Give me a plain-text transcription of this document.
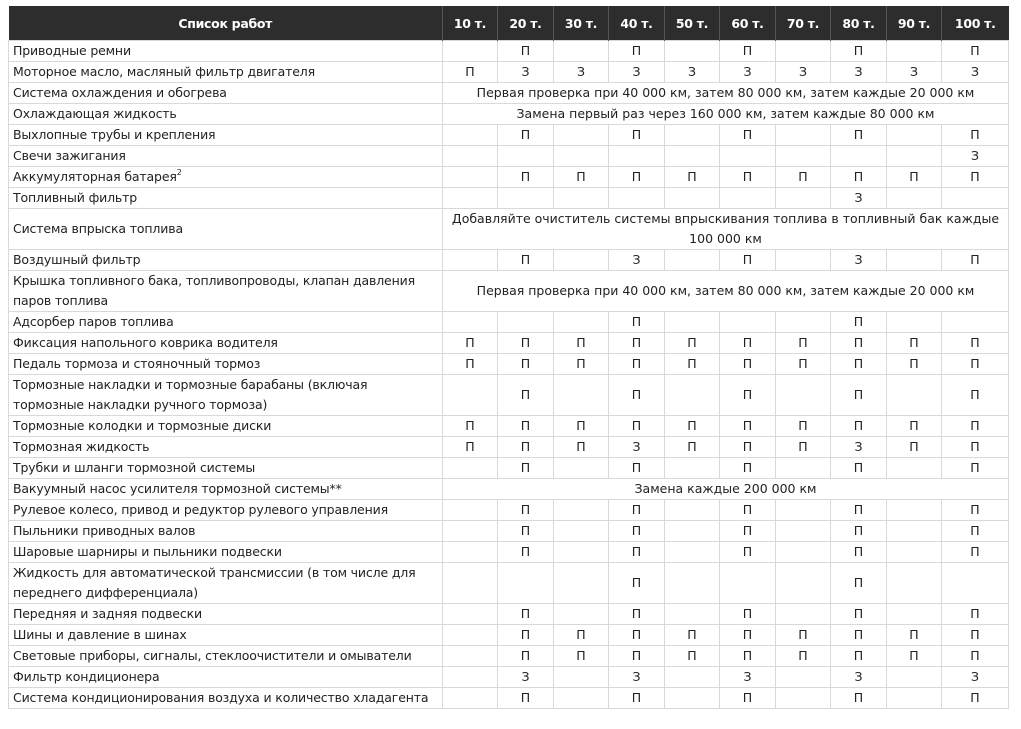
Список работ	10 т.	20 т.	30 т.	40 т.	50 т.	60 т.	70 т.	80 т.	90 т.	100 т.
Приводные ремни		П		П		П		П		П
Моторное масло, масляный фильтр двигателя	П	З	З	З	З	З	З	З	З	З
Система охлаждения и обогрева	Первая проверка при 40 000 км, затем 80 000 км, затем каждые 20 000 км									
Охлаждающая жидкость	Замена первый раз через 160 000 км, затем каждые 80 000 км									
Выхлопные трубы и крепления		П		П		П		П		П
Свечи зажигания										З
Аккумуляторная батарея$^2$		П	П	П	П	П	П	П	П	П
Топливный фильтр								З		
Система впрыска топлива	Добавляйте очиститель системы впрыскивания топлива в топливный бак каждые 100 000 км									
Воздушный фильтр		П		З		П		З		П
Крышка топливного бака, топливопроводы, клапан давления паров топлива	Первая проверка при 40 000 км, затем 80 000 км, затем каждые 20 000 км									
Адсорбер паров топлива				П				П		
Фиксация напольного коврика водителя	П	П	П	П	П	П	П	П	П	П
Педаль тормоза и стояночный тормоз	П	П	П	П	П	П	П	П	П	П
Тормозные накладки и тормозные барабаны (включая тормозные накладки ручного тормоза)		П		П		П		П		П
Тормозные колодки и тормозные диски	П	П	П	П	П	П	П	П	П	П
Тормозная жидкость	П	П	П	З	П	П	П	З	П	П
Трубки и шланги тормозной системы		П		П		П		П		П
Вакуумный насос усилителя тормозной системы**	Замена каждые 200 000 км									
Рулевое колесо, привод и редуктор рулевого управления		П		П		П		П		П
Пыльники приводных валов		П		П		П		П		П
Шаровые шарниры и пыльники подвески		П		П		П		П		П
Жидкость для автоматической трансмиссии (в том числе для переднего дифференциала)				П				П		
Передняя и задняя подвески		П		П		П		П		П
Шины и давление в шинах		П	П	П	П	П	П	П	П	П
Световые приборы, сигналы, стеклоочистители и омыватели		П	П	П	П	П	П	П	П	П
Фильтр кондиционера		З		З		З		З		З
Система кондиционирования воздуха и количество хладагента		П		П		П		П		П
